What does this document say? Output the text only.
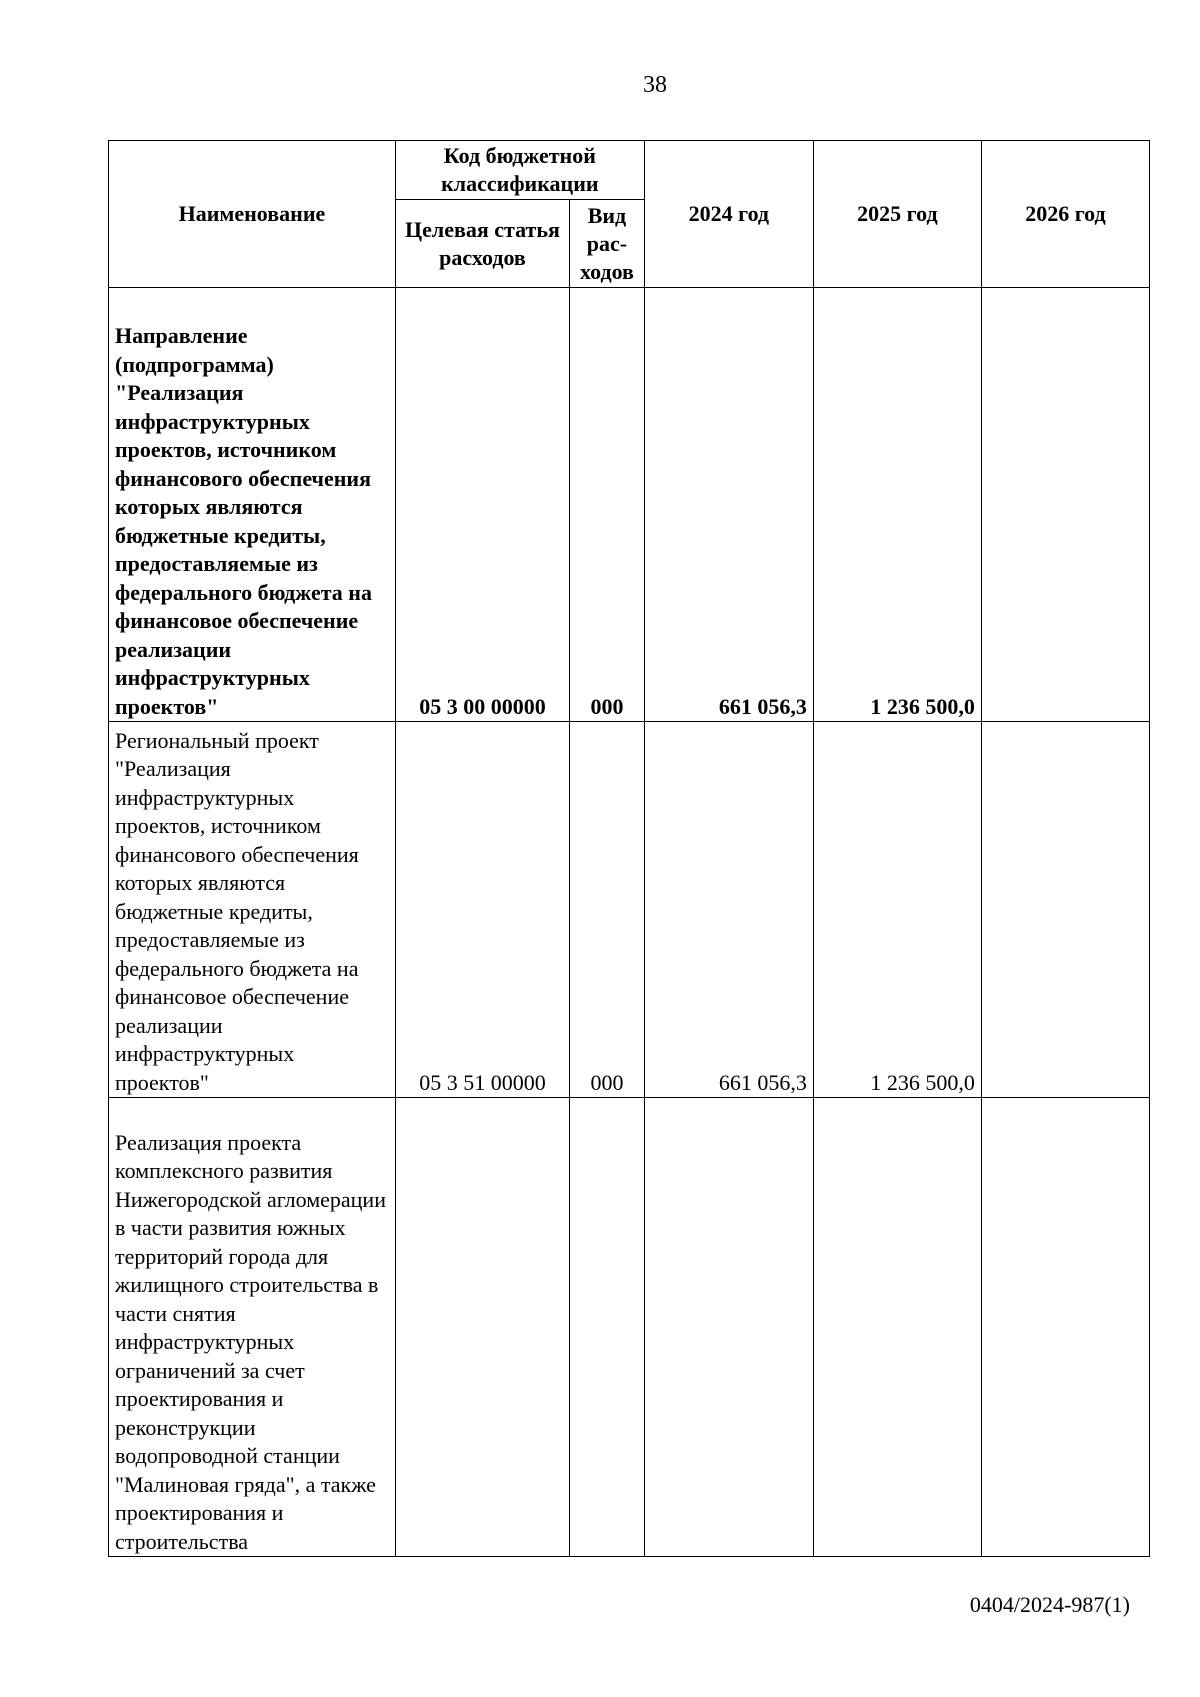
38
Наименование	Код бюджетной классификации		2024 год	2025 год	2026 год
	Целевая статья расходов	Вид рас-ходов			
Направление (подпрограмма) "Реализация инфраструктурных проектов, источником финансового обеспечения которых являются бюджетные кредиты, предоставляемые из федерального бюджета на финансовое обеспечение реализации инфраструктурных проектов"	05 3 00 00000	000	661 056,3	1 236 500,0	
Региональный проект "Реализация инфраструктурных проектов, источником финансового обеспечения которых являются бюджетные кредиты, предоставляемые из федерального бюджета на финансовое обеспечение реализации инфраструктурных проектов"	05 3 51 00000	000	661 056,3	1 236 500,0	
Реализация проекта комплексного развития Нижегородской агломерации в части развития южных территорий города для жилищного строительства в части снятия инфраструктурных ограничений за счет проектирования и реконструкции водопроводной станции "Малиновая гряда", а также проектирования и строительства					
0404/2024-987(1)
